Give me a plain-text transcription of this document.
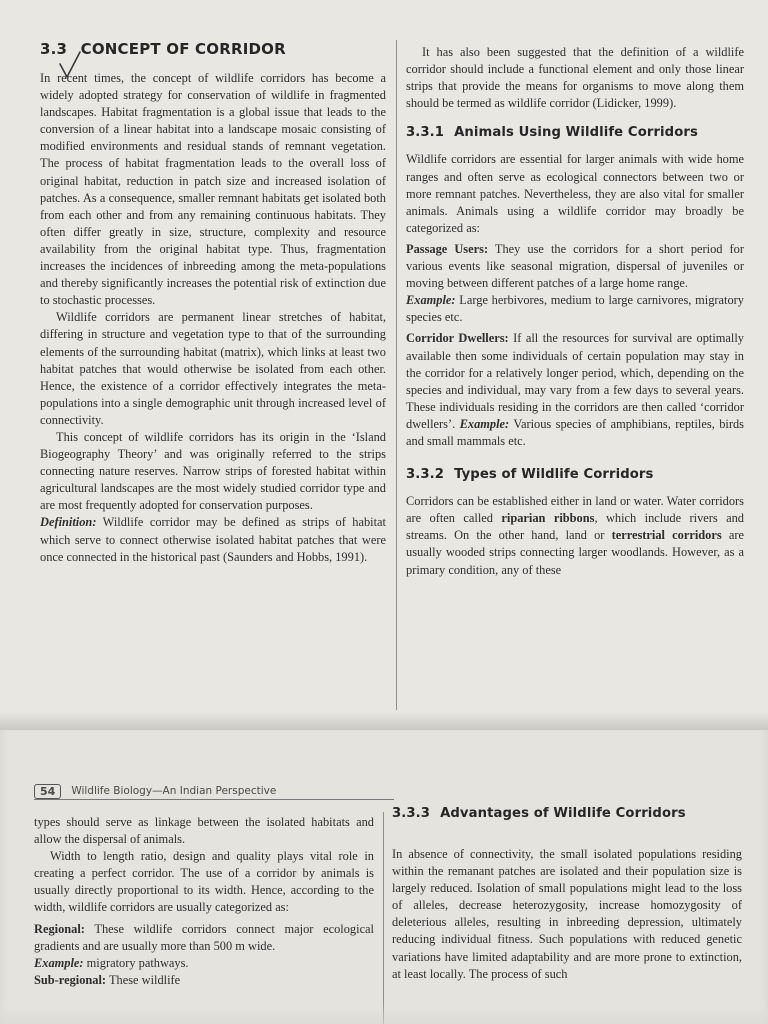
3.3 CONCEPT OF CORRIDOR

In recent times, the concept of wildlife corridors has become a widely adopted strategy for conservation of wildlife in fragmented landscapes. Habitat fragmentation is a global issue that leads to the conversion of a linear habitat into a landscape mosaic consisting of modified environments and residual stands of remnant vegetation. The process of habitat fragmentation leads to the overall loss of original habitat, reduction in patch size and increased isolation of patches. As a consequence, smaller remnant habitats get isolated both from each other and from any remaining continuous habitats. They often differ greatly in size, structure, complexity and resource availability from the original habitat type. Thus, fragmentation increases the incidences of inbreeding among the meta-populations and thereby significantly increases the potential risk of extinction due to stochastic processes.

Wildlife corridors are permanent linear stretches of habitat, differing in structure and vegetation type to that of the surrounding elements of the surrounding habitat (matrix), which links at least two habitat patches that would otherwise be isolated from each other. Hence, the existence of a corridor effectively integrates the meta-populations into a single demographic unit through increased level of connectivity.

This concept of wildlife corridors has its origin in the ‘Island Biogeography Theory’ and was originally referred to the strips connecting nature reserves. Narrow strips of forested habitat within agricultural landscapes are the most widely studied corridor type and are most frequently adopted for conservation purposes.

Definition: Wildlife corridor may be defined as strips of habitat which serve to connect otherwise isolated habitat patches that were once connected in the historical past (Saunders and Hobbs, 1991).

It has also been suggested that the definition of a wildlife corridor should include a functional element and only those linear strips that provide the means for organisms to move along them should be termed as wildlife corridor (Lidicker, 1999).

3.3.1 Animals Using Wildlife Corridors

Wildlife corridors are essential for larger animals with wide home ranges and often serve as ecological connectors between two or more remnant patches. Nevertheless, they are also vital for smaller animals. Animals using a wildlife corridor may broadly be categorized as:

Passage Users: They use the corridors for a short period for various events like seasonal migration, dispersal of juveniles or moving between different patches of a large home range.

Example: Large herbivores, medium to large carnivores, migratory species etc.

Corridor Dwellers: If all the resources for survival are optimally available then some individuals of certain population may stay in the corridor for a relatively longer period, which, depending on the species and individual, may vary from a few days to several years. These individuals residing in the corridors are then called ‘corridor dwellers’. Example: Various species of amphibians, reptiles, birds and small mammals etc.

3.3.2 Types of Wildlife Corridors

Corridors can be established either in land or water. Water corridors are often called riparian ribbons, which include rivers and streams. On the other hand, land or terrestrial corridors are usually wooded strips connecting larger woodlands. However, as a primary condition, any of these

54	Wildlife Biology—An Indian Perspective

types should serve as linkage between the isolated habitats and allow the dispersal of animals.

Width to length ratio, design and quality plays vital role in creating a perfect corridor. The use of a corridor by animals is usually directly proportional to its width. Hence, according to the width, wildlife corridors are usually categorized as:

Regional: These wildlife corridors connect major ecological gradients and are usually more than 500 m wide.

Example: migratory pathways.

Sub-regional: These wildlife

3.3.3 Advantages of Wildlife Corridors

In absence of connectivity, the small isolated populations residing within the remanant patches are isolated and their population size is largely reduced. Isolation of small populations might lead to the loss of alleles, decrease heterozygosity, increase homozygosity of deleterious alleles, resulting in inbreeding depression, ultimately reducing individual fitness. Such populations with reduced genetic variations have limited adaptability and are more prone to extinction, at least locally. The process of such
